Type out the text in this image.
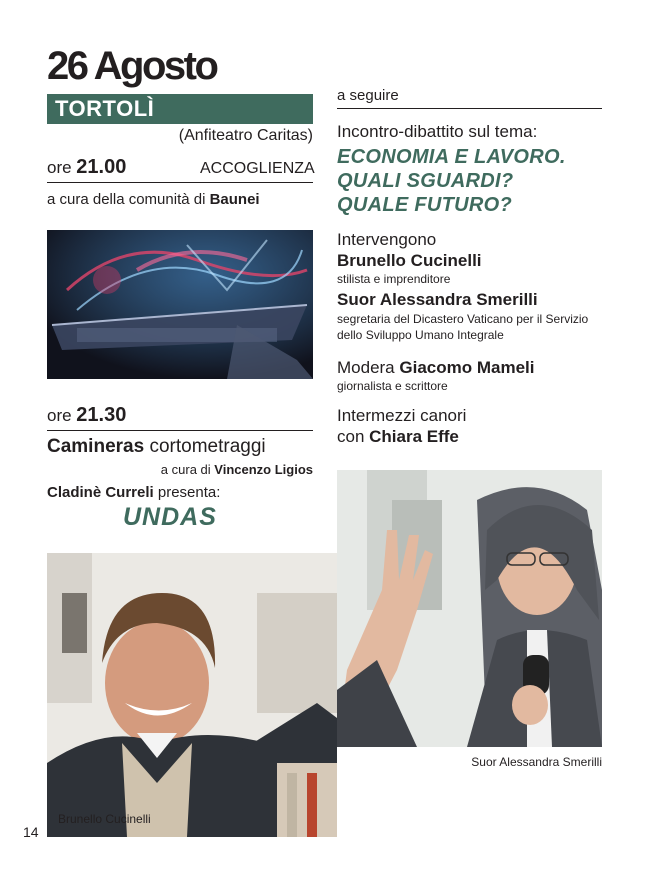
26 Agosto
TORTOLÌ
(Anfiteatro Caritas)
ore 21.00	ACCOGLIENZA
a cura della comunità di Baunei
ore 21.30
Camineras cortometraggi
a cura di Vincenzo Ligios
Cladinè Curreli presenta:
UNDAS
a seguire
Incontro-dibattito sul tema:
ECONOMIA E LAVORO.
QUALI SGUARDI?
QUALE FUTURO?
Intervengono
Brunello Cucinelli
stilista e imprenditore
Suor Alessandra Smerilli
segretaria del Dicastero Vaticano per il Servizio
dello Sviluppo Umano Integrale
Modera Giacomo Mameli
giornalista e scrittore
Intermezzi canori
con Chiara Effe
Suor Alessandra Smerilli
Brunello Cucinelli
14
